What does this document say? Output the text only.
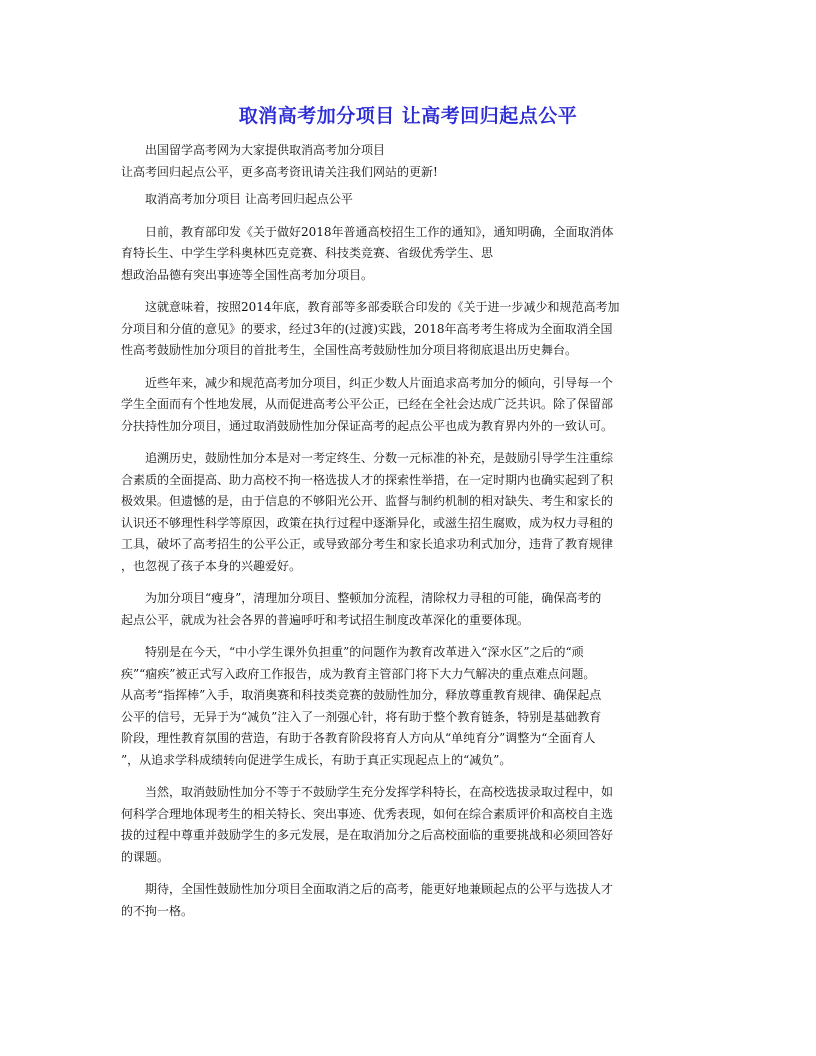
取消高考加分项目 让高考回归起点公平
出国留学高考网为大家提供取消高考加分项目
让高考回归起点公平，更多高考资讯请关注我们网站的更新!
取消高考加分项目 让高考回归起点公平
日前，教育部印发《关于做好2018年普通高校招生工作的通知》，通知明确，全面取消体
育特长生、中学生学科奥林匹克竞赛、科技类竞赛、省级优秀学生、思
想政治品德有突出事迹等全国性高考加分项目。
这就意味着，按照2014年底，教育部等多部委联合印发的《关于进一步减少和规范高考加
分项目和分值的意见》的要求，经过3年的(过渡)实践，2018年高考考生将成为全面取消全国
性高考鼓励性加分项目的首批考生，全国性高考鼓励性加分项目将彻底退出历史舞台。
近些年来，减少和规范高考加分项目，纠正少数人片面追求高考加分的倾向，引导每一个
学生全面而有个性地发展，从而促进高考公平公正，已经在全社会达成广泛共识。除了保留部
分扶持性加分项目，通过取消鼓励性加分保证高考的起点公平也成为教育界内外的一致认可。
追溯历史，鼓励性加分本是对一考定终生、分数一元标准的补充，是鼓励引导学生注重综
合素质的全面提高、助力高校不拘一格选拔人才的探索性举措，在一定时期内也确实起到了积
极效果。但遗憾的是，由于信息的不够阳光公开、监督与制约机制的相对缺失、考生和家长的
认识还不够理性科学等原因，政策在执行过程中逐渐异化，或滋生招生腐败，成为权力寻租的
工具，破坏了高考招生的公平公正，或导致部分考生和家长追求功利式加分，违背了教育规律
，也忽视了孩子本身的兴趣爱好。
为加分项目“瘦身”，清理加分项目、整顿加分流程，清除权力寻租的可能，确保高考的
起点公平，就成为社会各界的普遍呼吁和考试招生制度改革深化的重要体现。
特别是在今天，“中小学生课外负担重”的问题作为教育改革进入“深水区”之后的“顽
疾”“痼疾”被正式写入政府工作报告，成为教育主管部门将下大力气解决的重点难点问题。
从高考“指挥棒”入手，取消奥赛和科技类竞赛的鼓励性加分，释放尊重教育规律、确保起点
公平的信号，无异于为“减负”注入了一剂强心针，将有助于整个教育链条，特别是基础教育
阶段，理性教育氛围的营造，有助于各教育阶段将育人方向从“单纯育分”调整为“全面育人
”，从追求学科成绩转向促进学生成长，有助于真正实现起点上的“减负”。
当然，取消鼓励性加分不等于不鼓励学生充分发挥学科特长，在高校选拔录取过程中，如
何科学合理地体现考生的相关特长、突出事迹、优秀表现，如何在综合素质评价和高校自主选
拔的过程中尊重并鼓励学生的多元发展，是在取消加分之后高校面临的重要挑战和必须回答好
的课题。
期待，全国性鼓励性加分项目全面取消之后的高考，能更好地兼顾起点的公平与选拔人才
的不拘一格。
